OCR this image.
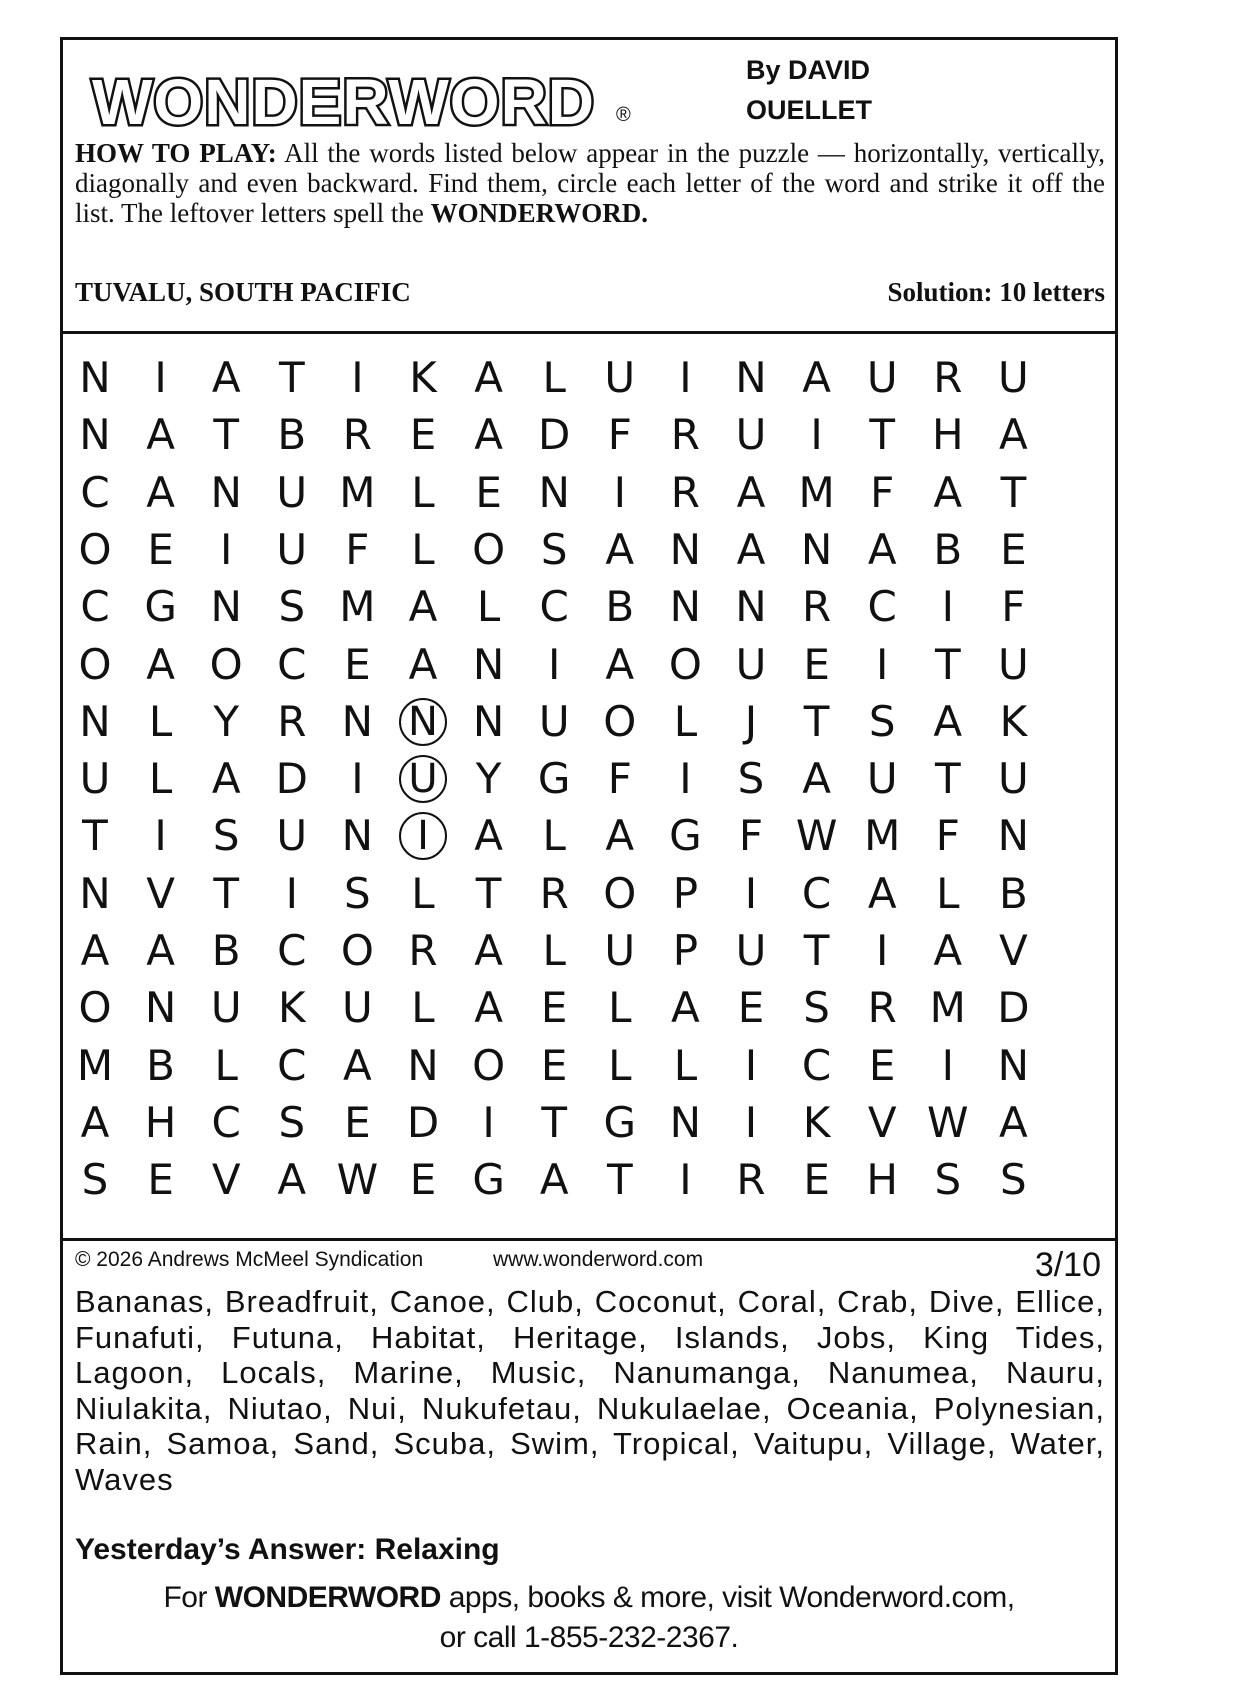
WONDERWORD ®
By DAVID
OUELLET
HOW TO PLAY: All the words listed below appear in the puzzle — horizontally, vertically, diagonally and even backward. Find them, circle each letter of the word and strike it off the list. The leftover letters spell the WONDERWORD.
TUVALU, SOUTH PACIFIC	Solution: 10 letters
N	I	A T	I	K A L U	I	N A U R U
N A T B R E A D F R U	I	T H A
C A N U M L E N	I	R A M F A T
O E	I	U F L O S A N A N A B E
C G N S M A L C B N N R C	I	F
O A O C E A N	I	A O U E	I	T U
N L Y R N N N U O L	J	T S A K
U L A D	I	U Y G F	I	S A U T U
T	I	S U N	I	A L A G F W M F N
N V T	I	S L T R O P	I	C A L B
A A B C O R A L U P U T	I	A V
O N U K U L A E L A E S R M D
M B L C A N O E L	L	I	C E	I	N
A H C S E D	I	T G N	I	K V W A
S E V A W E G A T	I	R E H S S
© 2026 Andrews McMeel Syndication	www.wonderword.com	3/10
Bananas, Breadfruit, Canoe, Club, Coconut, Coral, Crab, Dive, Ellice, Funafuti, Futuna, Habitat, Heritage, Islands, Jobs, King Tides, Lagoon, Locals, Marine, Music, Nanumanga, Nanumea, Nauru, Niulakita, Niutao, Nui, Nukufetau, Nukulaelae, Oceania, Polynesian, Rain, Samoa, Sand, Scuba, Swim, Tropical, Vaitupu, Village, Water, Waves
Yesterday’s Answer: Relaxing
For WONDERWORD apps, books & more, visit Wonderword.com,
or call 1-855-232-2367.
